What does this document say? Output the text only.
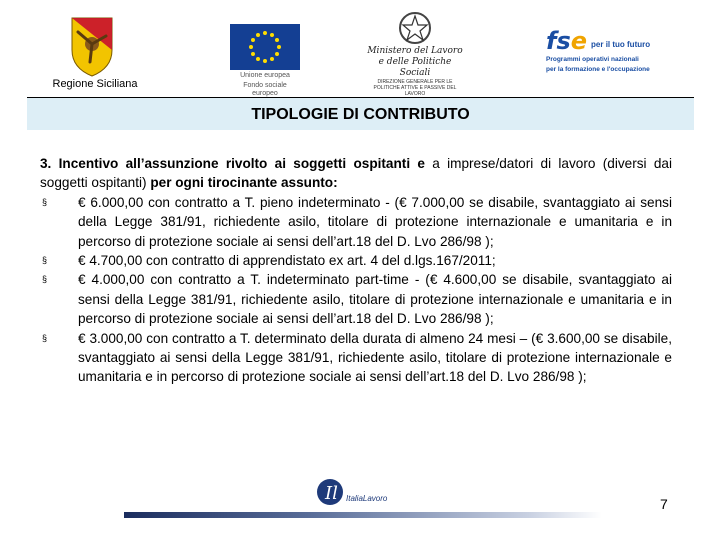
Regione Siciliana
Unione europea
Fondo sociale europeo
Ministero del Lavoro
e delle Politiche Sociali
DIREZIONE GENERALE PER LE
POLITICHE ATTIVE E PASSIVE DEL LAVORO
fse per il tuo futuro
Programmi operativi nazionali
per la formazione e l'occupazione
TIPOLOGIE DI CONTRIBUTO

3. Incentivo all’assunzione rivolto ai soggetti ospitanti e a imprese/datori di lavoro (diversi dai soggetti ospitanti) per ogni tirocinante assunto:

§ € 6.000,00 con contratto a T. pieno indeterminato - (€ 7.000,00 se disabile, svantaggiato ai sensi della Legge 381/91, richiedente asilo, titolare di protezione internazionale e umanitaria e in percorso di protezione sociale ai sensi dell’art.18 del D. Lvo 286/98 );
§ € 4.700,00 con contratto di apprendistato ex art. 4 del d.lgs.167/2011;
§ € 4.000,00 con contratto a T. indeterminato part-time - (€ 4.600,00 se disabile, svantaggiato ai sensi della Legge 381/91, richiedente asilo, titolare di protezione internazionale e umanitaria e in percorso di protezione sociale ai sensi dell’art.18 del D. Lvo 286/98 );
§ € 3.000,00 con contratto a T. determinato della durata di almeno 24 mesi – (€ 3.600,00 se disabile, svantaggiato ai sensi della Legge 381/91, richiedente asilo, titolare di protezione internazionale e umanitaria e in percorso di protezione sociale ai sensi dell’art.18 del D. Lvo 286/98 );
Il ItaliaLavoro	7
